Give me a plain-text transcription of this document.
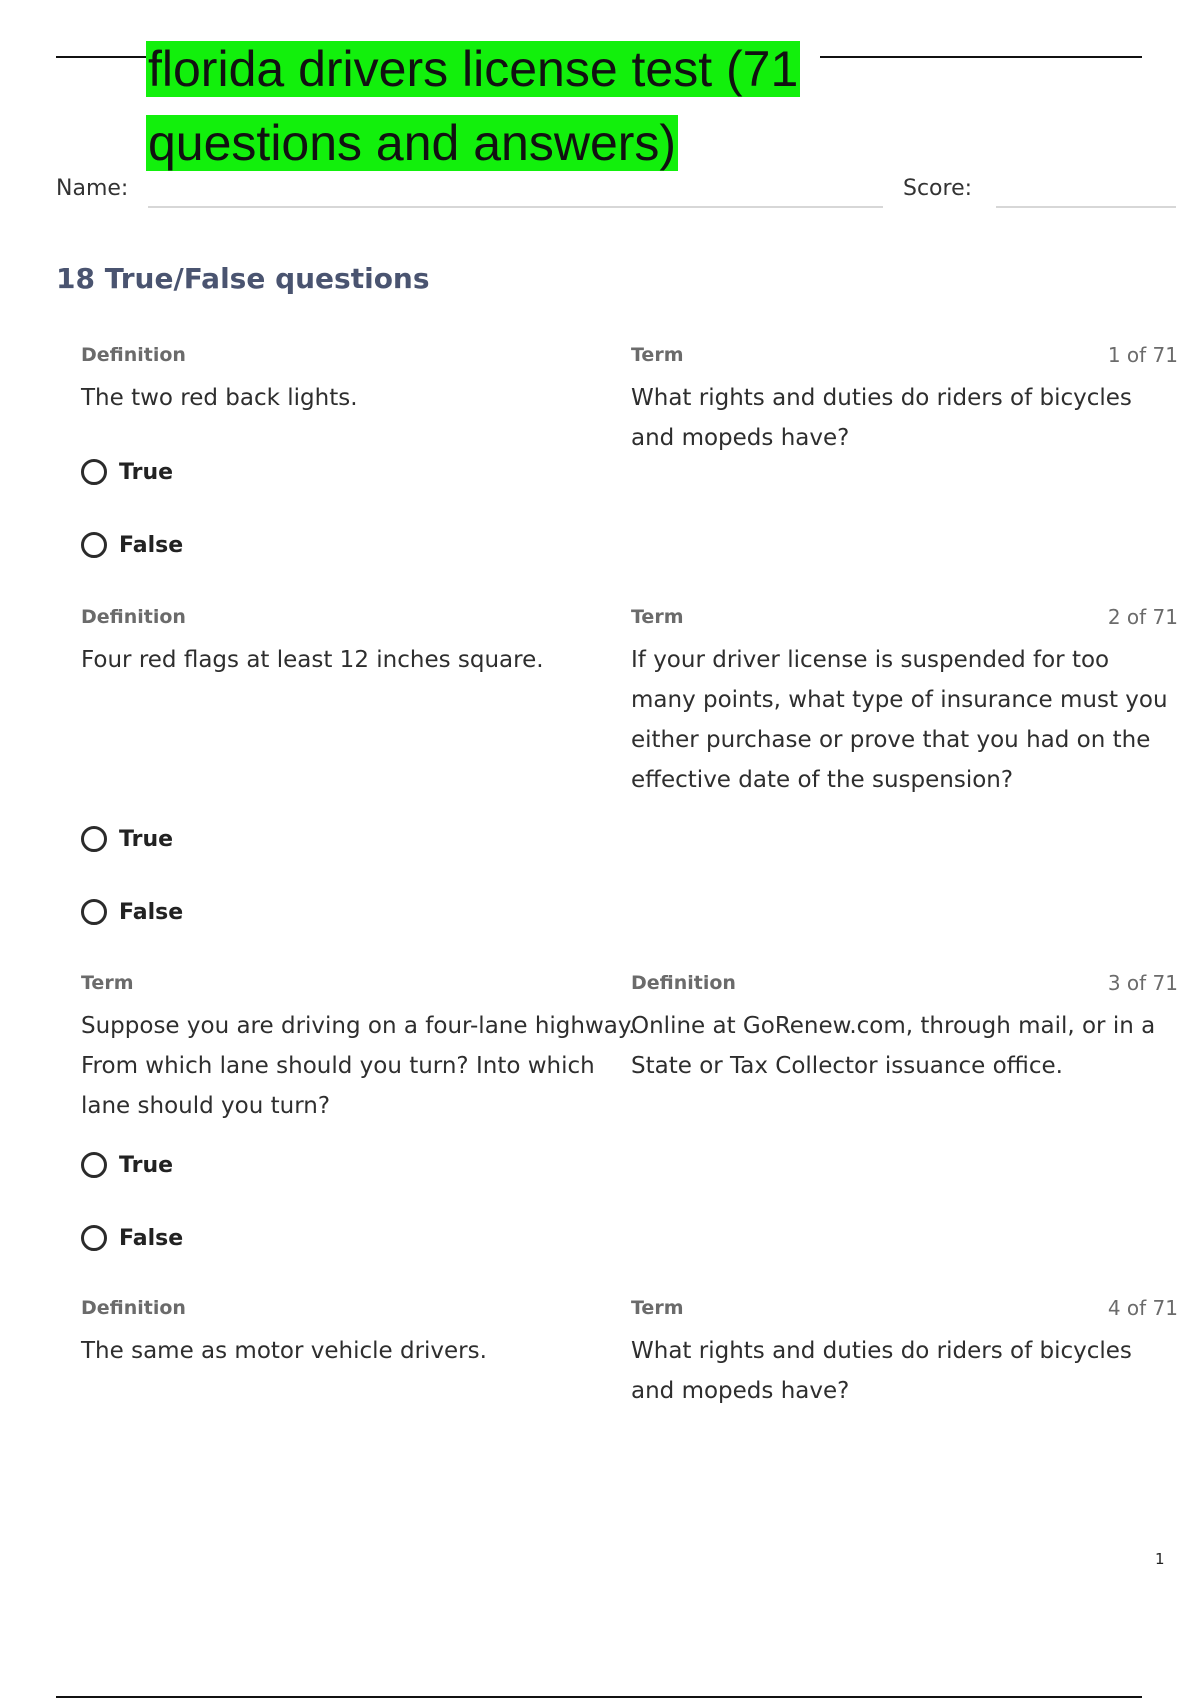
florida drivers license test (71
questions and answers)
Name:	Score:
18 True/False questions
Definition
The two red back lights.
Term
What rights and duties do riders of bicycles and mopeds have?
1 of 71
True
False
Definition
Four red flags at least 12 inches square.
Term
If your driver license is suspended for too many points, what type of insurance must you either purchase or prove that you had on the effective date of the suspension?
2 of 71
True
False
Term
Suppose you are driving on a four-lane highway. From which lane should you turn? Into which lane should you turn?
Definition
Online at GoRenew.com, through mail, or in a State or Tax Collector issuance office.
3 of 71
True
False
Definition
The same as motor vehicle drivers.
Term
What rights and duties do riders of bicycles and mopeds have?
4 of 71
1
